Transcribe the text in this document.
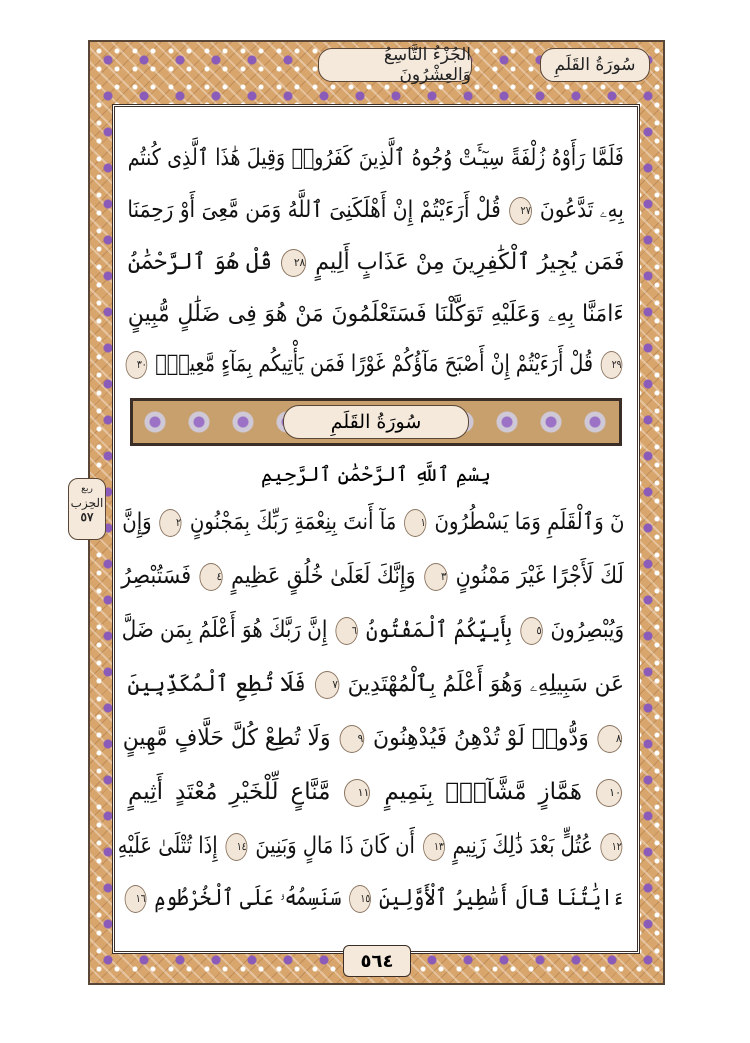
الجُزْءُ التَّاسِعُ وَالعِشْرُونَ	سُورَةُ القَلَمِ
فَلَمَّا رَأَوْهُ زُلْفَةً سِيٓـَٔتْ وُجُوهُ ٱلَّذِينَ كَفَرُوا۟ وَقِيلَ هَٰذَا ٱلَّذِى كُنتُم
بِهِۦ تَدَّعُونَ ٢٧ قُلْ أَرَءَيْتُمْ إِنْ أَهْلَكَنِىَ ٱللَّهُ وَمَن مَّعِىَ أَوْ رَحِمَنَا
فَمَن يُجِيرُ ٱلْكَٰفِرِينَ مِنْ عَذَابٍ أَلِيمٍ ٢٨ قُلْ هُوَ ٱلرَّحْمَٰنُ
ءَامَنَّا بِهِۦ وَعَلَيْهِ تَوَكَّلْنَا فَسَتَعْلَمُونَ مَنْ هُوَ فِى ضَلَٰلٍ مُّبِينٍ
٢٩ قُلْ أَرَءَيْتُمْ إِنْ أَصْبَحَ مَآؤُكُمْ غَوْرًا فَمَن يَأْتِيكُم بِمَآءٍ مَّعِينٍۭ ٣٠
سُورَةُ القَلَمِ
بِسْمِ ٱللَّهِ ٱلرَّحْمَٰنِ ٱلرَّحِيمِ
نٓ وَٱلْقَلَمِ وَمَا يَسْطُرُونَ ١ مَآ أَنتَ بِنِعْمَةِ رَبِّكَ بِمَجْنُونٍ ٢ وَإِنَّ
لَكَ لَأَجْرًا غَيْرَ مَمْنُونٍ ٣ وَإِنَّكَ لَعَلَىٰ خُلُقٍ عَظِيمٍ ٤ فَسَتُبْصِرُ
وَيُبْصِرُونَ ٥ بِأَييِّكُمُ ٱلْمَفْتُونُ ٦ إِنَّ رَبَّكَ هُوَ أَعْلَمُ بِمَن ضَلَّ
عَن سَبِيلِهِۦ وَهُوَ أَعْلَمُ بِٱلْمُهْتَدِينَ ٧ فَلَا تُطِعِ ٱلْمُكَذِّبِينَ
٨ وَدُّوا۟ لَوْ تُدْهِنُ فَيُدْهِنُونَ ٩ وَلَا تُطِعْ كُلَّ حَلَّافٍ مَّهِينٍ
١٠ هَمَّازٍ مَّشَّآءٍۭ بِنَمِيمٍ ١١ مَّنَّاعٍ لِّلْخَيْرِ مُعْتَدٍ أَثِيمٍ
١٢ عُتُلٍّ بَعْدَ ذَٰلِكَ زَنِيمٍ ١٣ أَن كَانَ ذَا مَالٍ وَبَنِينَ ١٤ إِذَا تُتْلَىٰ عَلَيْهِ
ءَايَٰتُنَا قَالَ أَسَٰطِيرُ ٱلْأَوَّلِينَ ١٥ سَنَسِمُهُۥ عَلَى ٱلْخُرْطُومِ ١٦
ربع
الحِزب
٥٧
٥٦٤
